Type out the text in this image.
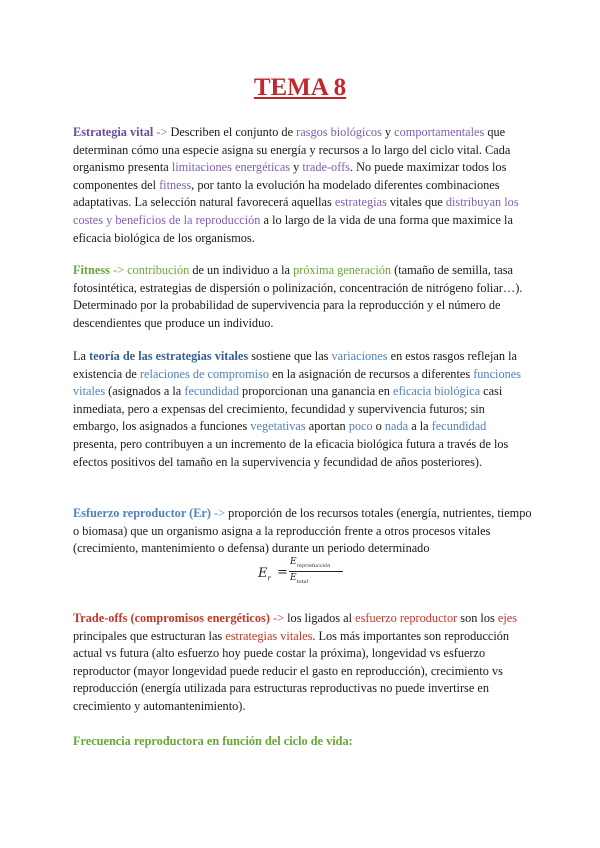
TEMA 8

Estrategia vital -> Describen el conjunto de rasgos biológicos y comportamentales que determinan cómo una especie asigna su energía y recursos a lo largo del ciclo vital. Cada organismo presenta limitaciones energéticas y trade-offs. No puede maximizar todos los componentes del fitness, por tanto la evolución ha modelado diferentes combinaciones adaptativas. La selección natural favorecerá aquellas estrategias vitales que distribuyan los costes y beneficios de la reproducción a lo largo de la vida de una forma que maximice la eficacia biológica de los organismos.

Fitness -> contribución de un individuo a la próxima generación (tamaño de semilla, tasa fotosintética, estrategias de dispersión o polinización, concentración de nitrógeno foliar…). Determinado por la probabilidad de supervivencia para la reproducción y el número de descendientes que produce un individuo.

La teoría de las estrategias vitales sostiene que las variaciones en estos rasgos reflejan la existencia de relaciones de compromiso en la asignación de recursos a diferentes funciones vitales (asignados a la fecundidad proporcionan una ganancia en eficacia biológica casi inmediata, pero a expensas del crecimiento, fecundidad y supervivencia futuros; sin embargo, los asignados a funciones vegetativas aportan poco o nada a la fecundidad presenta, pero contribuyen a un incremento de la eficacia biológica futura a través de los efectos positivos del tamaño en la supervivencia y fecundidad de años posteriores).

Esfuerzo reproductor (Er) -> proporción de los recursos totales (energía, nutrientes, tiempo o biomasa) que un organismo asigna a la reproducción frente a otros procesos vitales (crecimiento, mantenimiento o defensa) durante un periodo determinado

$E_r$ =
$E_{reproducción}$
$E_{total}$

Trade-offs (compromisos energéticos) -> los ligados al esfuerzo reproductor son los ejes principales que estructuran las estrategias vitales. Los más importantes son reproducción actual vs futura (alto esfuerzo hoy puede costar la próxima), longevidad vs esfuerzo reproductor (mayor longevidad puede reducir el gasto en reproducción), crecimiento vs reproducción (energía utilizada para estructuras reproductivas no puede invertirse en crecimiento y automantenimiento).

Frecuencia reproductora en función del ciclo de vida:
